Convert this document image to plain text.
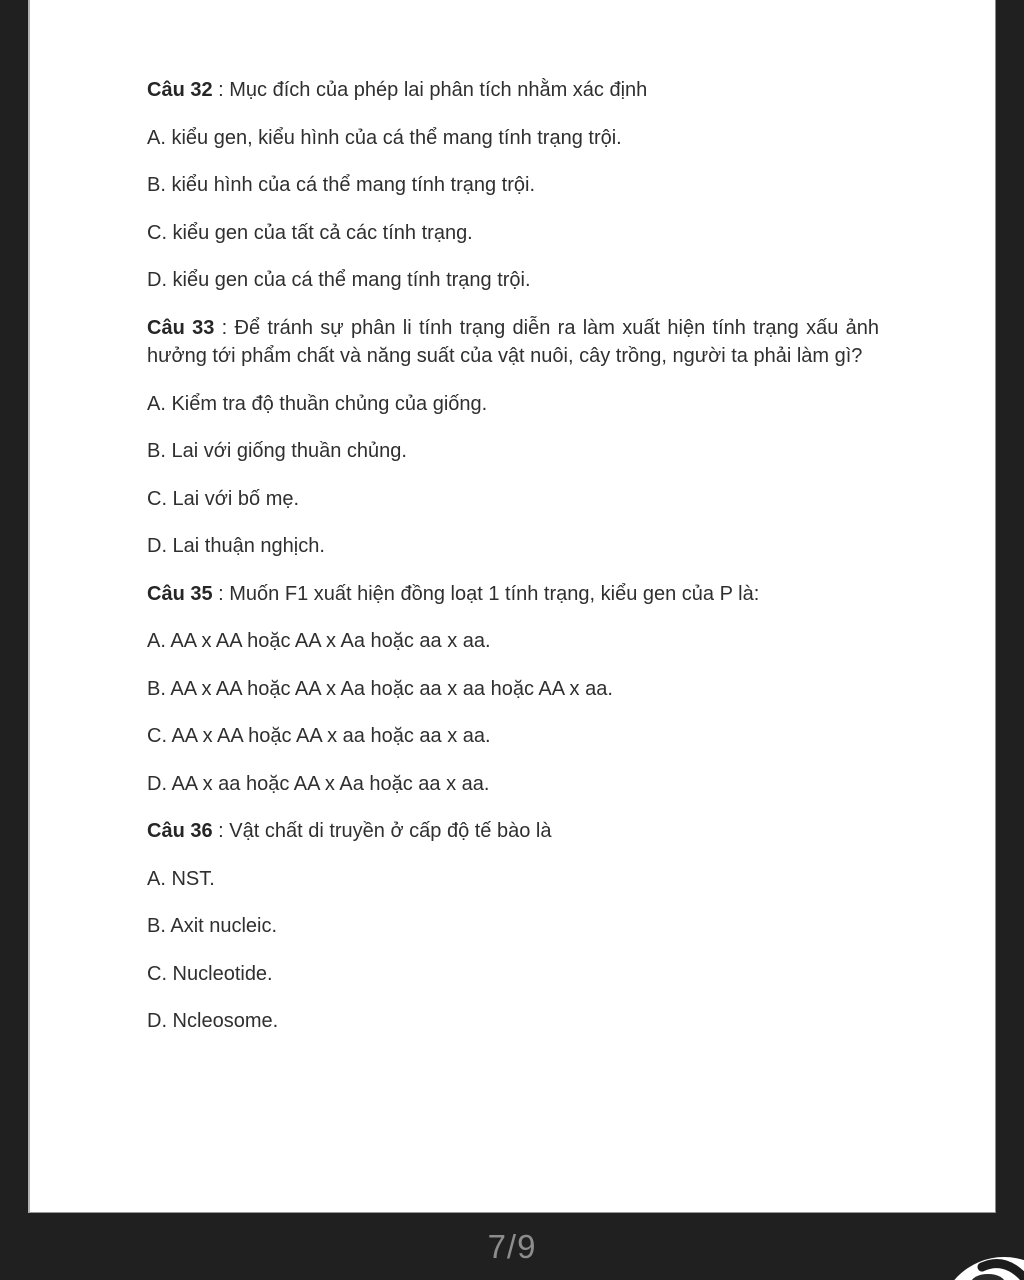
Câu 32 : Mục đích của phép lai phân tích nhằm xác định

A. kiểu gen, kiểu hình của cá thể mang tính trạng trội.

B. kiểu hình của cá thể mang tính trạng trội.

C. kiểu gen của tất cả các tính trạng.

D. kiểu gen của cá thể mang tính trạng trội.

Câu 33 : Để tránh sự phân li tính trạng diễn ra làm xuất hiện tính trạng xấu ảnh hưởng tới phẩm chất và năng suất của vật nuôi, cây trồng, người ta phải làm gì?

A. Kiểm tra độ thuần chủng của giống.

B. Lai với giống thuần chủng.

C. Lai với bố mẹ.

D. Lai thuận nghịch.

Câu 35 : Muốn F1 xuất hiện đồng loạt 1 tính trạng, kiểu gen của P là:

A. AA x AA hoặc AA x Aa hoặc aa x aa.

B. AA x AA hoặc AA x Aa hoặc aa x aa hoặc AA x aa.

C. AA x AA hoặc AA x aa hoặc aa x aa.

D. AA x aa hoặc AA x Aa hoặc aa x aa.

Câu 36 : Vật chất di truyền ở cấp độ tế bào là

A. NST.

B. Axit nucleic.

C. Nucleotide.

D. Ncleosome.

7/9
